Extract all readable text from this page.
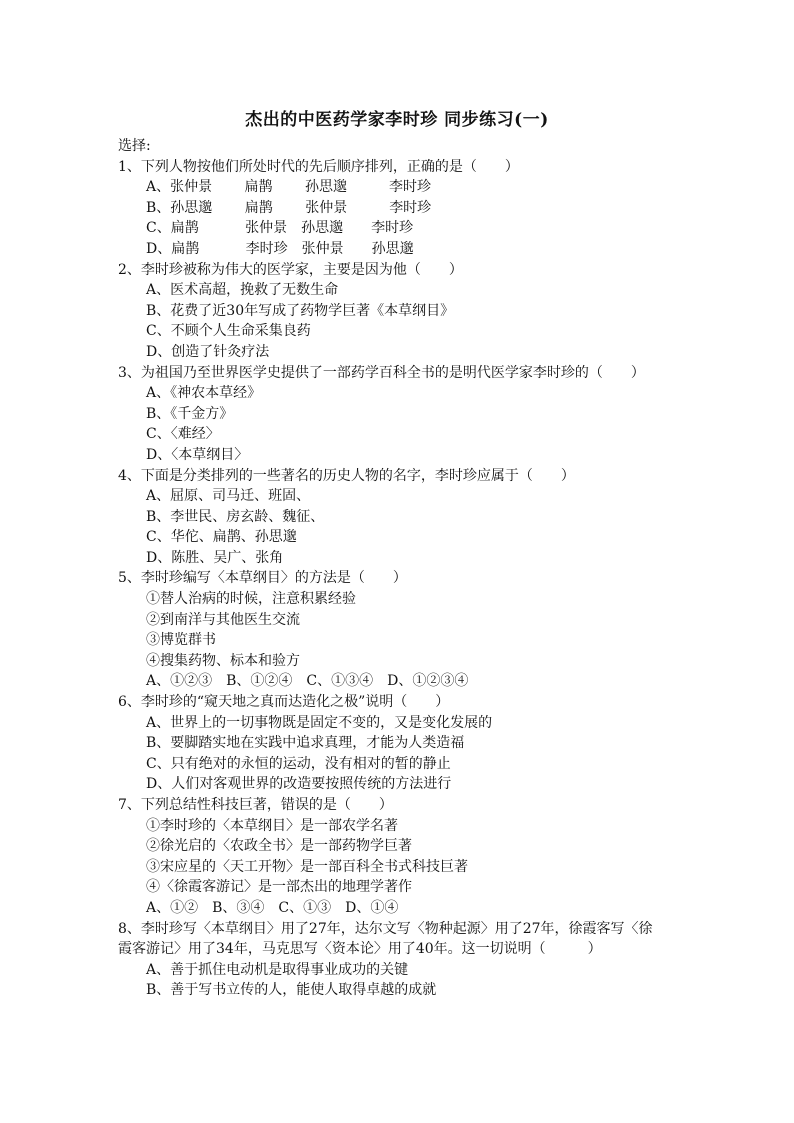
杰出的中医药学家李时珍 同步练习(一)
选择:
1、下列人物按他们所处时代的先后顺序排列，正确的是（　　）
A、张仲景　　 扁鹊　　 孙思邈　　　李时珍
B、孙思邈　　 扁鹊　　 张仲景　　　李时珍
C、扁鹊　　　 张仲景　孙思邈　　李时珍
D、扁鹊　　　 李时珍　张仲景　　孙思邈
2、李时珍被称为伟大的医学家，主要是因为他（　　）
A、医术高超，挽救了无数生命
B、花费了近30年写成了药物学巨著《本草纲目》
C、不顾个人生命采集良药
D、创造了针灸疗法
3、为祖国乃至世界医学史提供了一部药学百科全书的是明代医学家李时珍的（　　）
A、《神农本草经》
B、《千金方》
C、〈难经〉
D、〈本草纲目〉
4、下面是分类排列的一些著名的历史人物的名字，李时珍应属于（　　）
A、屈原、司马迁、班固、
B、李世民、房玄龄、魏征、
C、华佗、扁鹊、孙思邈
D、陈胜、吴广、张角
5、李时珍编写〈本草纲目〉的方法是（　　）
①替人治病的时候，注意积累经验
②到南洋与其他医生交流
③博览群书
④搜集药物、标本和验方
A、①②③　B、①②④　C、①③④　D、①②③④
6、李时珍的“窥天地之真而达造化之极”说明（　　）
A、世界上的一切事物既是固定不变的，又是变化发展的
B、要脚踏实地在实践中追求真理，才能为人类造福
C、只有绝对的永恒的运动，没有相对的暂的静止
D、人们对客观世界的改造要按照传统的方法进行
7、下列总结性科技巨著，错误的是（　　）
①李时珍的〈本草纲目〉是一部农学名著
②徐光启的〈农政全书〉是一部药物学巨著
③宋应星的〈天工开物〉是一部百科全书式科技巨著
④〈徐霞客游记〉是一部杰出的地理学著作
A、①②　B、③④　C、①③　D、①④
8、李时珍写〈本草纲目〉用了27年，达尔文写〈物种起源〉用了27年，徐霞客写〈徐
霞客游记〉用了34年，马克思写〈资本论〉用了40年。这一切说明（　　　）
A、善于抓住电动机是取得事业成功的关键
B、善于写书立传的人，能使人取得卓越的成就
